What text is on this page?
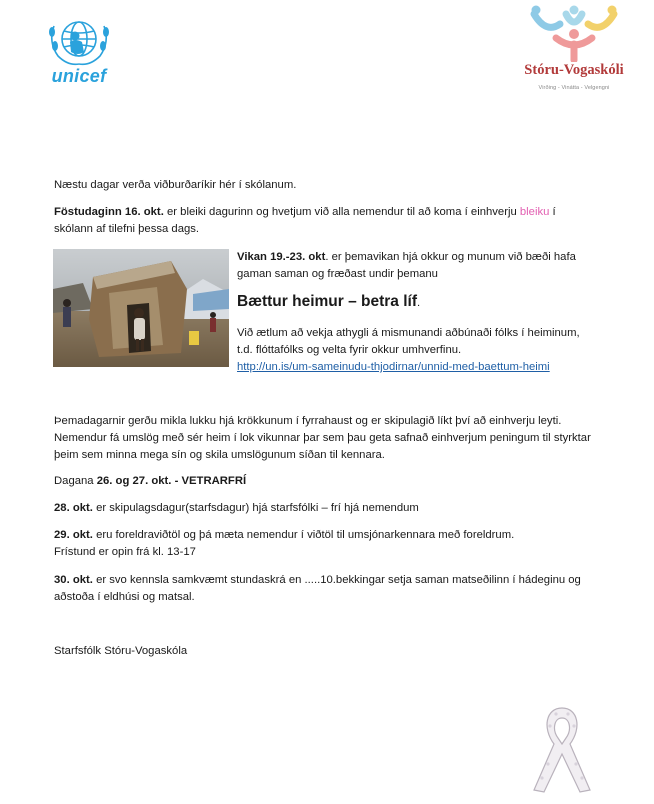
unicef	Stóru-Vogaskóli
Virðing - Vinátta - Velgengni

Næstu dagar verða viðburðaríkir hér í skólanum.

Föstudaginn 16. okt. er bleiki dagurinn og hvetjum við alla nemendur til að koma í einhverju bleiku í skólann af tilefni þessa dags.

Vikan 19.-23. okt. er þemavikan hjá okkur og munum við bæði hafa gaman saman og fræðast undir þemanu

Bættur heimur – betra líf.

Við ætlum að vekja athygli á mismunandi aðbúnaði fólks í heiminum, t.d. flóttafólks og velta fyrir okkur umhverfinu.

http://un.is/um-sameinudu-thjodirnar/unnid-med-baettum-heimi

Þemadagarnir gerðu mikla lukku hjá krökkunum í fyrrahaust og er skipulagið líkt því að einhverju leyti. Nemendur fá umslög með sér heim í lok vikunnar þar sem þau geta safnað einhverjum peningum til styrktar þeim sem minna mega sín og skila umslögunum síðan til kennara.

Dagana 26. og 27. okt. - VETRARFRÍ

28. okt. er skipulagsdagur(starfsdagur) hjá starfsfólki – frí hjá nemendum

29. okt. eru foreldraviðtöl og þá mæta nemendur í viðtöl til umsjónarkennara með foreldrum.

Frístund er opin frá kl. 13-17

30. okt. er svo kennsla samkvæmt stundaskrá en .....10.bekkingar setja saman matseðilinn í hádeginu og aðstoða í eldhúsi og matsal.

Starfsfólk Stóru-Vogaskóla
